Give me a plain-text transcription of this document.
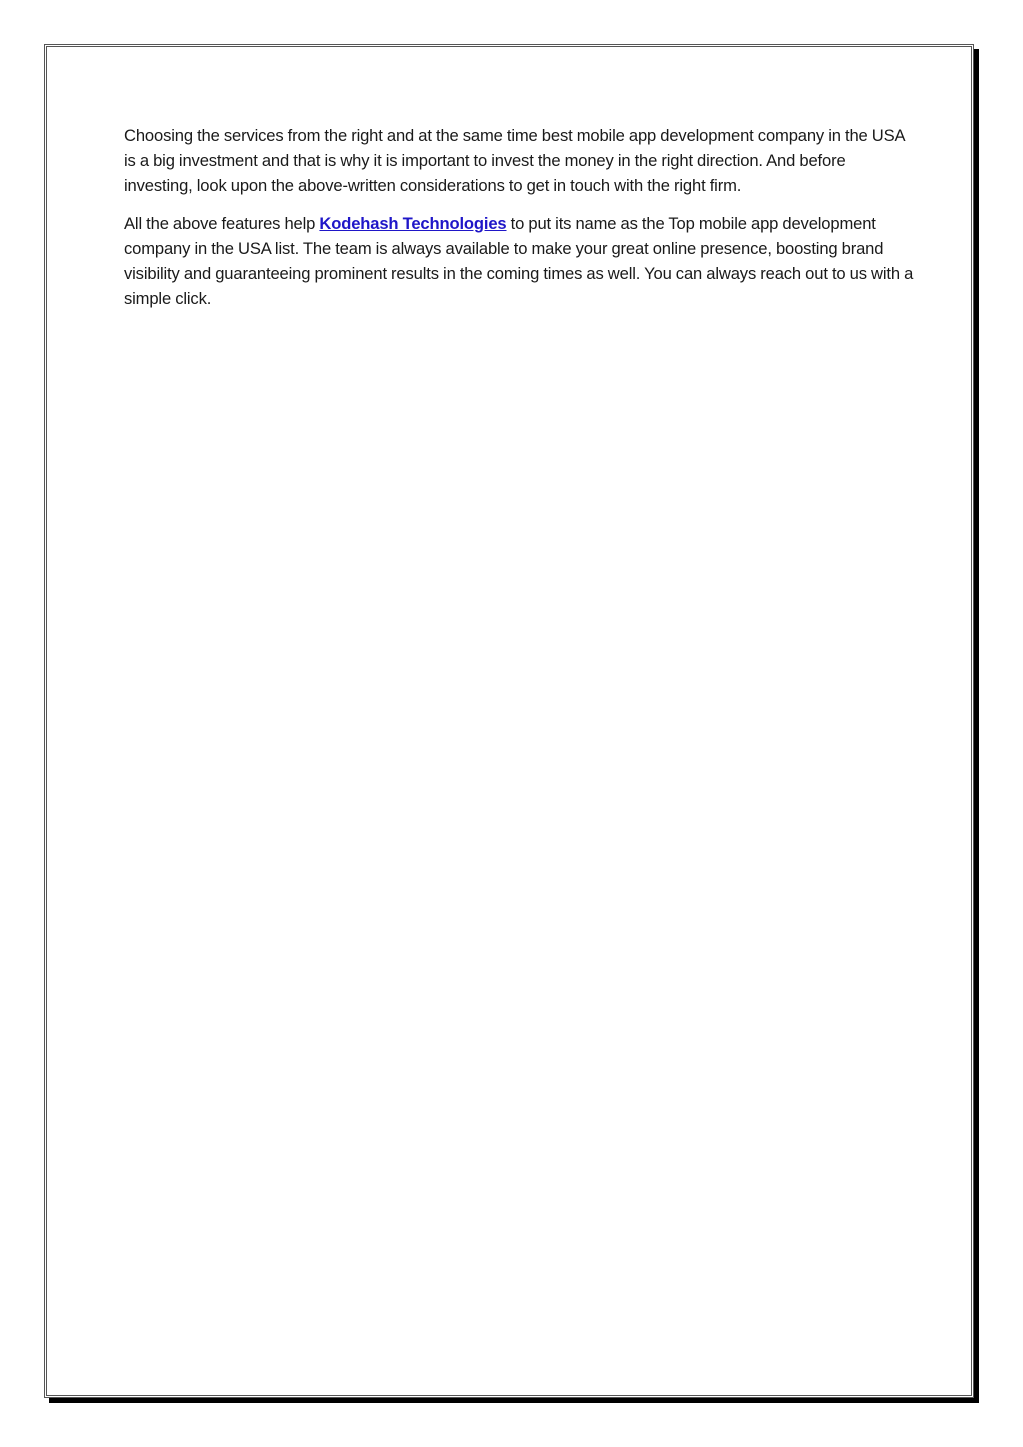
Choosing the services from the right and at the same time best mobile app development company in the USA is a big investment and that is why it is important to invest the money in the right direction. And before investing, look upon the above-written considerations to get in touch with the right firm.

All the above features help Kodehash Technologies to put its name as the Top mobile app development company in the USA list. The team is always available to make your great online presence, boosting brand visibility and guaranteeing prominent results in the coming times as well. You can always reach out to us with a simple click.
